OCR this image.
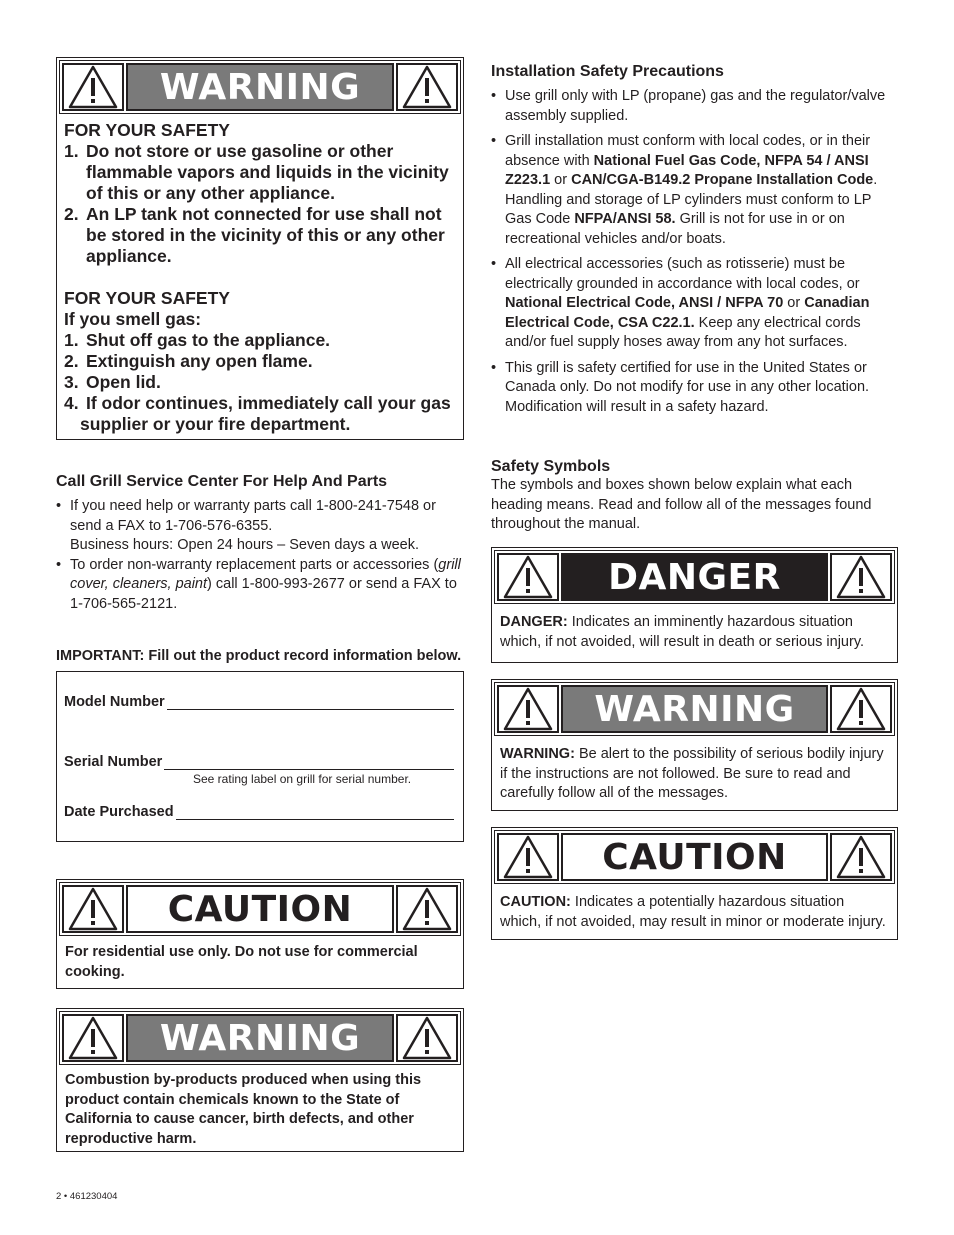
WARNING

FOR YOUR SAFETY

1. Do not store or use gasoline or other flammable vapors and liquids in the vicinity of this or any other appliance.
2. An LP tank not connected for use shall not be stored in the vicinity of this or any other appliance.

FOR YOUR SAFETY

If you smell gas:

1. Shut off gas to the appliance.
2. Extinguish any open flame.
3. Open lid.
4. If odor continues, immediately call your gas supplier or your fire department.

Call Grill Service Center For Help And Parts

• If you need help or warranty parts call 1-800-241-7548 or send a FAX to 1-706-576-6355.
Business hours: Open 24 hours – Seven days a week.
• To order non-warranty replacement parts or accessories (grill cover, cleaners, paint) call 1-800-993-2677 or send a FAX to 1-706-565-2121.

IMPORTANT: Fill out the product record information below.

Model Number
Serial Number

See rating label on grill for serial number.

Date Purchased
CAUTION

For residential use only. Do not use for commercial cooking.

WARNING

Combustion by-products produced when using this product contain chemicals known to the State of California to cause cancer, birth defects, and other reproductive harm.

2 • 461230404

Installation Safety Precautions

• Use grill only with LP (propane) gas and the regulator/valve assembly supplied.
• Grill installation must conform with local codes, or in their absence with National Fuel Gas Code, NFPA 54 / ANSI Z223.1 or CAN/CGA-B149.2 Propane Installation Code. Handling and storage of LP cylinders must conform to LP Gas Code NFPA/ANSI 58. Grill is not for use in or on recreational vehicles and/or boats.
• All electrical accessories (such as rotisserie) must be electrically grounded in accordance with local codes, or National Electrical Code, ANSI / NFPA 70 or Canadian Electrical Code, CSA C22.1. Keep any electrical cords and/or fuel supply hoses away from any hot surfaces.
• This grill is safety certified for use in the United States or Canada only. Do not modify for use in any other location. Modification will result in a safety hazard.

Safety Symbols

The symbols and boxes shown below explain what each heading means. Read and follow all of the messages found throughout the manual.

DANGER

DANGER: Indicates an imminently hazardous situation which, if not avoided, will result in death or serious injury.

WARNING

WARNING: Be alert to the possibility of serious bodily injury if the instructions are not followed. Be sure to read and carefully follow all of the messages.

CAUTION

CAUTION: Indicates a potentially hazardous situation which, if not avoided, may result in minor or moderate injury.
